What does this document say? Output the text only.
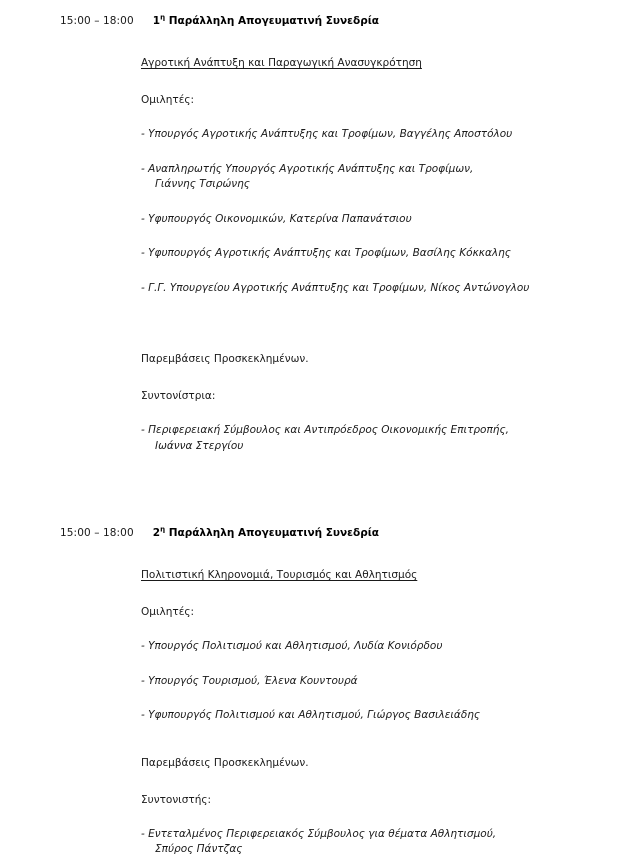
15:00 – 18:00 $1^\eta$ Παράλληλη Απογευματινή Συνεδρία
Αγροτική Ανάπτυξη και Παραγωγική Ανασυγκρότηση
Ομιλητές:
- Υπουργός Αγροτικής Ανάπτυξης και Τροφίμων, Βαγγέλης Αποστόλου
- Αναπληρωτής Υπουργός Αγροτικής Ανάπτυξης και Τροφίμων,
Γιάννης Τσιρώνης
- Υφυπουργός Οικονομικών, Κατερίνα Παπανάτσιου
- Υφυπουργός Αγροτικής Ανάπτυξης και Τροφίμων, Βασίλης Κόκκαλης
- Γ.Γ. Υπουργείου Αγροτικής Ανάπτυξης και Τροφίμων, Νίκος Αντώνογλου
Παρεμβάσεις Προσκεκλημένων.
Συντονίστρια:
- Περιφερειακή Σύμβουλος και Αντιπρόεδρος Οικονομικής Επιτροπής,
Ιωάννα Στεργίου
15:00 – 18:00 $2^\eta$ Παράλληλη Απογευματινή Συνεδρία
Πολιτιστική Κληρονομιά, Τουρισμός και Αθλητισμός
Ομιλητές:
- Υπουργός Πολιτισμού και Αθλητισμού, Λυδία Κονιόρδου
- Υπουργός Τουρισμού, Έλενα Κουντουρά
- Υφυπουργός Πολιτισμού και Αθλητισμού, Γιώργος Βασιλειάδης
Παρεμβάσεις Προσκεκλημένων.
Συντονιστής:
- Εντεταλμένος Περιφερειακός Σύμβουλος για θέματα Αθλητισμού,
Σπύρος Πάντζας
